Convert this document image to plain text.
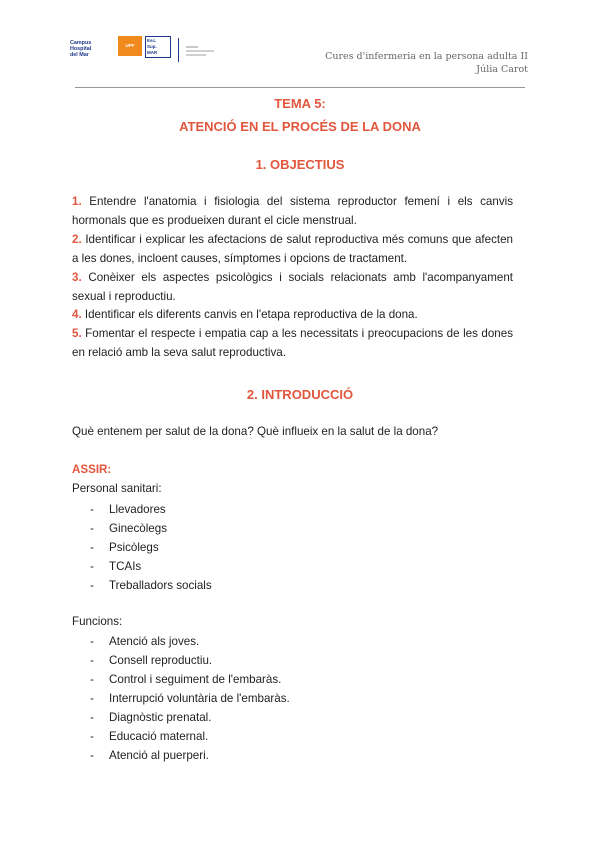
Campus
Hospital
del Mar
UPF
Esc.
Sup.
MAR	Cures d'infermeria en la persona adulta II
Júlia Carot
TEMA 5:
ATENCIÓ EN EL PROCÉS DE LA DONA
1. OBJECTIUS

1. Entendre l'anatomia i fisiologia del sistema reproductor femení i els canvis hormonals que es produeixen durant el cicle menstrual.

2. Identificar i explicar les afectacions de salut reproductiva més comuns que afecten a les dones, incloent causes, símptomes i opcions de tractament.

3. Conèixer els aspectes psicològics i socials relacionats amb l'acompanyament sexual i reproductiu.

4. Identificar els diferents canvis en l'etapa reproductiva de la dona.

5. Fomentar el respecte i empatia cap a les necessitats i preocupacions de les dones en relació amb la seva salut reproductiva.

2. INTRODUCCIÓ
Què entenem per salut de la dona? Què influeix en la salut de la dona?
ASSIR:
Personal sanitari:
- Llevadores
- Ginecòlegs
- Psicòlegs
- TCAIs
- Treballadors socials
Funcions:
- Atenció als joves.
- Consell reproductiu.
- Control i seguiment de l'embaràs.
- Interrupció voluntària de l'embaràs.
- Diagnòstic prenatal.
- Educació maternal.
- Atenció al puerperi.
